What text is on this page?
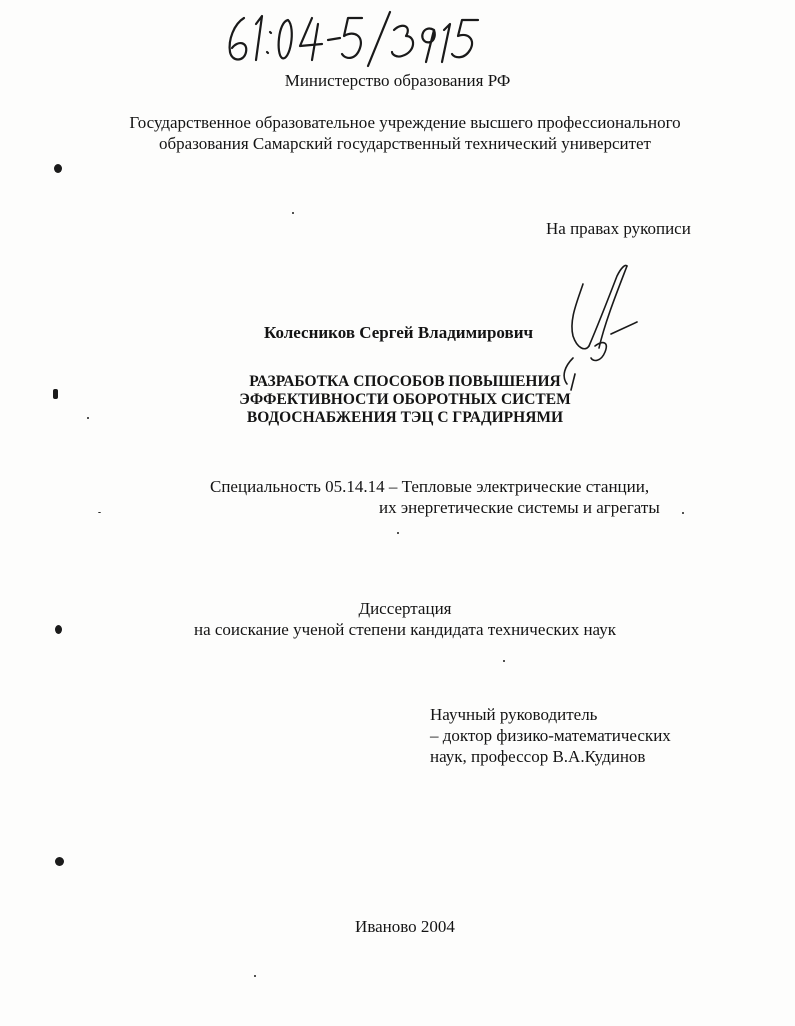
Министерство образования РФ
Государственное образовательное учреждение высшего профессионального
образования Самарский государственный технический университет
На правах рукописи
Колесников Сергей Владимирович
РАЗРАБОТКА СПОСОБОВ ПОВЫШЕНИЯ
ЭФФЕКТИВНОСТИ ОБОРОТНЫХ СИСТЕМ
ВОДОСНАБЖЕНИЯ ТЭЦ С ГРАДИРНЯМИ
Специальность 05.14.14 – Тепловые электрические станции,
их энергетические системы и агрегаты
Диссертация
на соискание ученой степени кандидата технических наук
Научный руководитель
– доктор физико-математических
наук, профессор В.А.Кудинов
Иваново 2004
